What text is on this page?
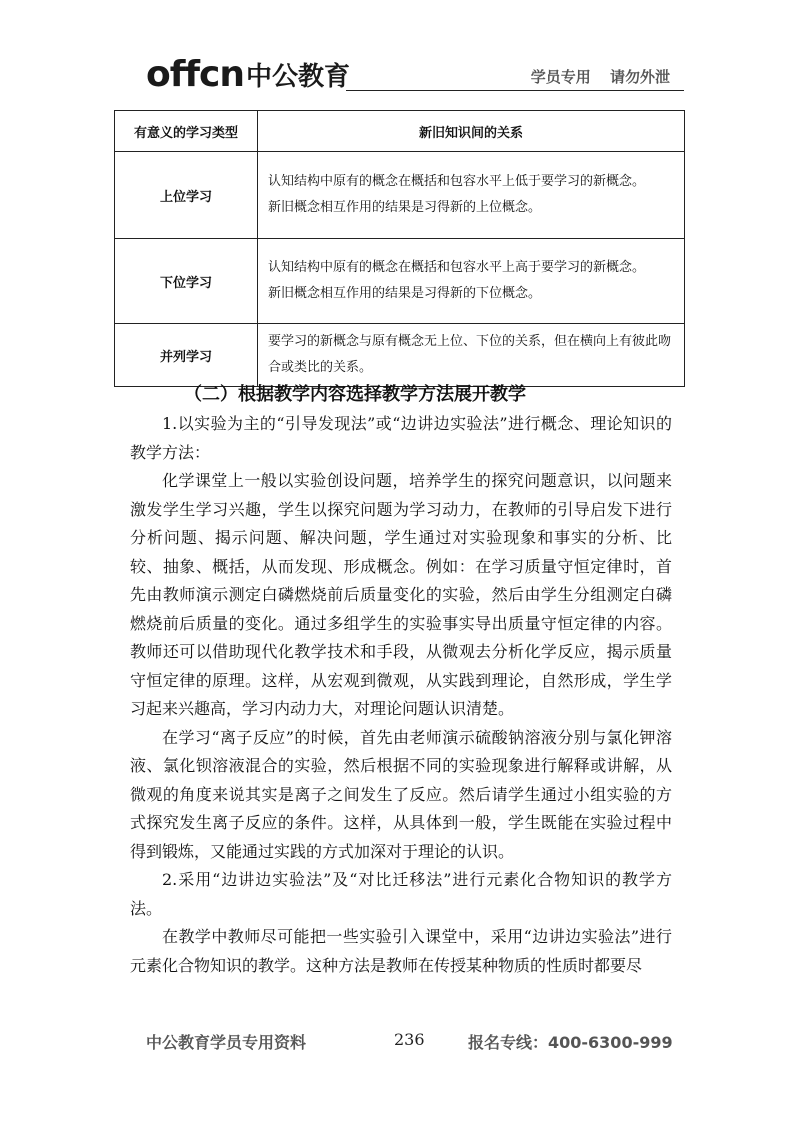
offcn 中公教育	学员专用 请勿外泄
有意义的学习类型	新旧知识间的关系
上位学习	认知结构中原有的概念在概括和包容水平上低于要学习的新概念。
新旧概念相互作用的结果是习得新的上位概念。

下位学习	认知结构中原有的概念在概括和包容水平上高于要学习的新概念。
新旧概念相互作用的结果是习得新的下位概念。

并列学习	要学习的新概念与原有概念无上位、下位的关系，但在横向上有彼此吻合或类比的关系。
（二）根据教学内容选择教学方法展开教学

1.以实验为主的“引导发现法”或“边讲边实验法”进行概念、理论知识的教学方法：

化学课堂上一般以实验创设问题，培养学生的探究问题意识，以问题来激发学生学习兴趣，学生以探究问题为学习动力，在教师的引导启发下进行分析问题、揭示问题、解决问题，学生通过对实验现象和事实的分析、比较、抽象、概括，从而发现、形成概念。例如：在学习质量守恒定律时，首先由教师演示测定白磷燃烧前后质量变化的实验，然后由学生分组测定白磷燃烧前后质量的变化。通过多组学生的实验事实导出质量守恒定律的内容。教师还可以借助现代化教学技术和手段，从微观去分析化学反应，揭示质量守恒定律的原理。这样，从宏观到微观，从实践到理论，自然形成，学生学习起来兴趣高，学习内动力大，对理论问题认识清楚。

在学习“离子反应”的时候，首先由老师演示硫酸钠溶液分别与氯化钾溶液、氯化钡溶液混合的实验，然后根据不同的实验现象进行解释或讲解，从微观的角度来说其实是离子之间发生了反应。然后请学生通过小组实验的方式探究发生离子反应的条件。这样，从具体到一般，学生既能在实验过程中得到锻炼，又能通过实践的方式加深对于理论的认识。

2.采用“边讲边实验法”及“对比迁移法”进行元素化合物知识的教学方法。

在教学中教师尽可能把一些实验引入课堂中，采用“边讲边实验法”进行元素化合物知识的教学。这种方法是教师在传授某种物质的性质时都要尽

中公教育学员专用资料	236	报名专线：400-6300-999
